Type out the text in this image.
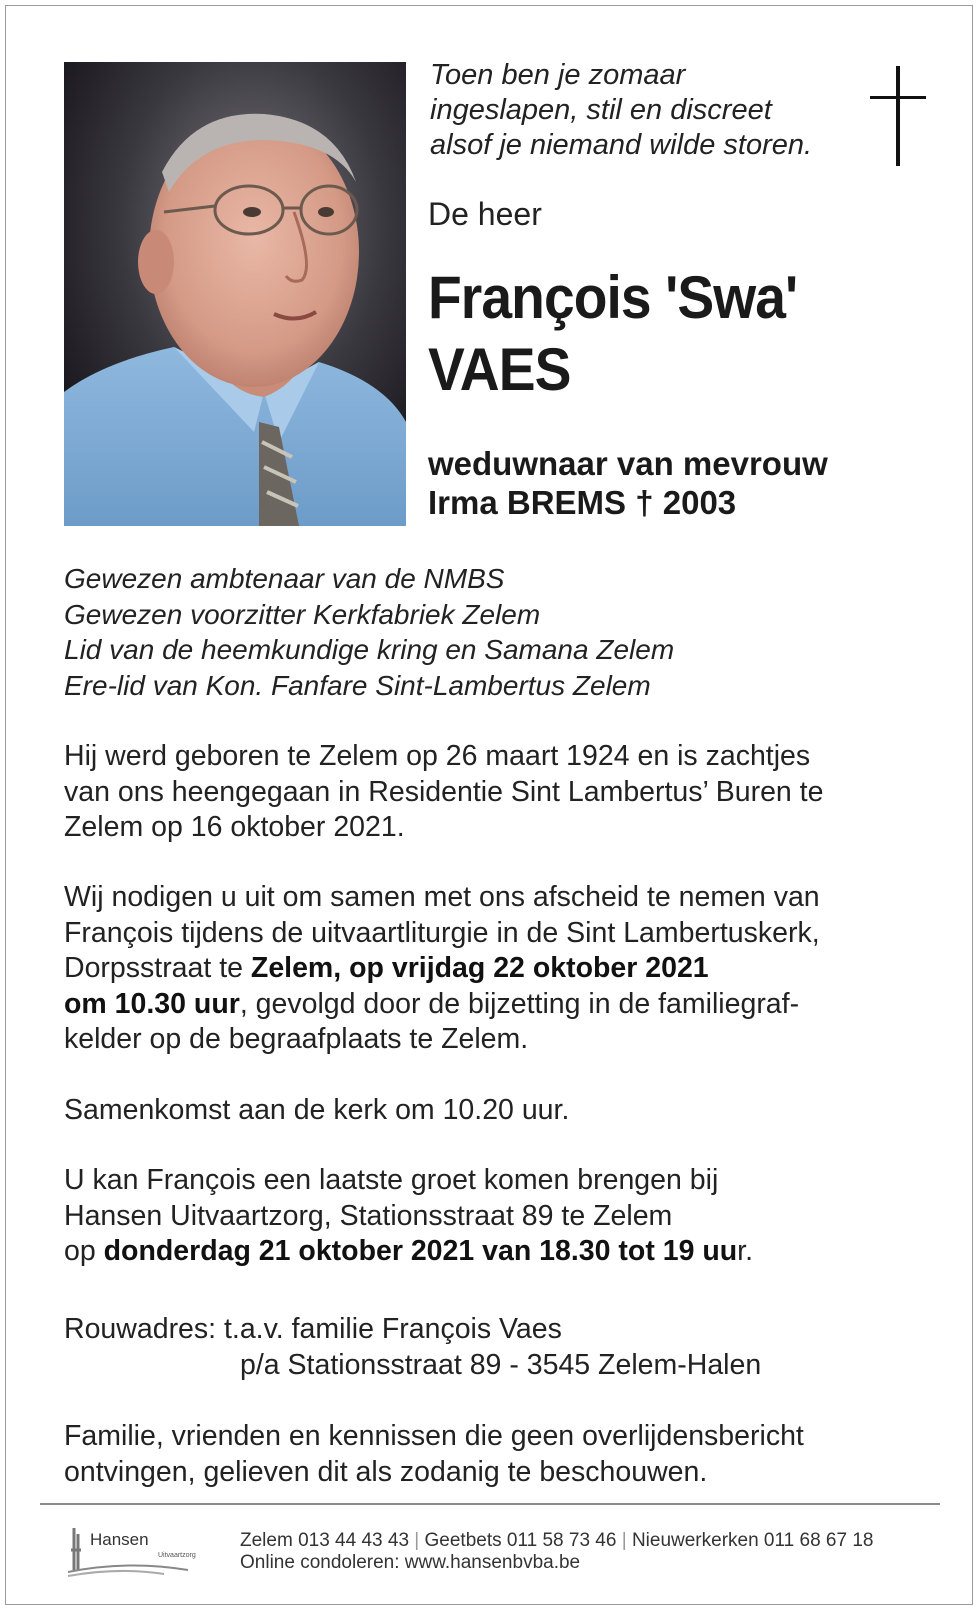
Toen ben je zomaar
ingeslapen, stil en discreet
alsof je niemand wilde storen.
De heer
François 'Swa'
VAES
weduwnaar van mevrouw
Irma BREMS † 2003
Gewezen ambtenaar van de NMBS
Gewezen voorzitter Kerkfabriek Zelem
Lid van de heemkundige kring en Samana Zelem
Ere-lid van Kon. Fanfare Sint-Lambertus Zelem
Hij werd geboren te Zelem op 26 maart 1924 en is zachtjes
van ons heengegaan in Residentie Sint Lambertus’ Buren te
Zelem op 16 oktober 2021.
Wij nodigen u uit om samen met ons afscheid te nemen van
François tijdens de uitvaartliturgie in de Sint Lambertuskerk,
Dorpsstraat te Zelem, op vrijdag 22 oktober 2021
om 10.30 uur, gevolgd door de bijzetting in de familiegraf-
kelder op de begraafplaats te Zelem.
Samenkomst aan de kerk om 10.20 uur.
U kan François een laatste groet komen brengen bij
Hansen Uitvaartzorg, Stationsstraat 89 te Zelem
op donderdag 21 oktober 2021 van 18.30 tot 19 uur.
Rouwadres: t.a.v. familie François Vaes
p/a Stationsstraat 89 - 3545 Zelem-Halen
Familie, vrienden en kennissen die geen overlijdensbericht
ontvingen, gelieven dit als zodanig te beschouwen.
Hansen
Uitvaartzorg
Zelem 013 44 43 43 | Geetbets 011 58 73 46 | Nieuwerkerken 011 68 67 18
Online condoleren: www.hansenbvba.be
